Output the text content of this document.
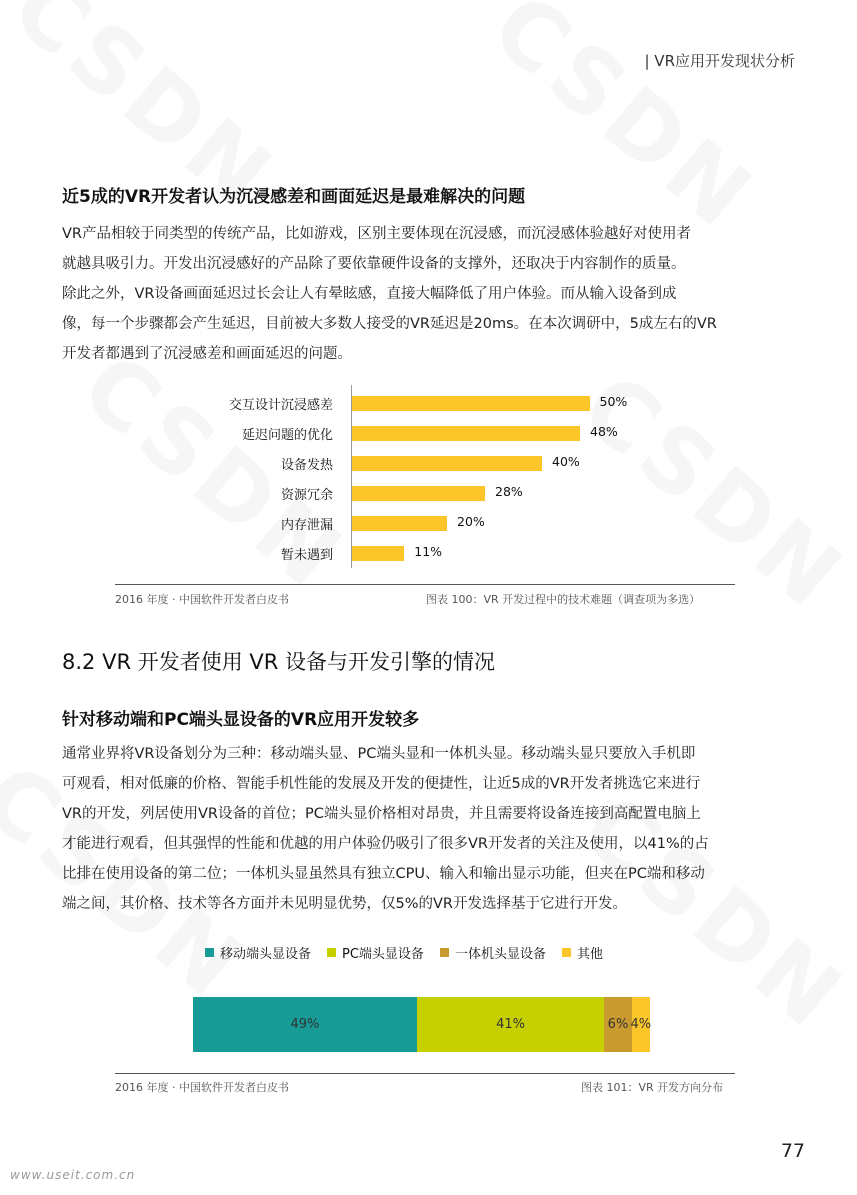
| VR应用开发现状分析
近5成的VR开发者认为沉浸感差和画面延迟是最难解决的问题
VR产品相较于同类型的传统产品，比如游戏，区别主要体现在沉浸感，而沉浸感体验越好对使用者
就越具吸引力。开发出沉浸感好的产品除了要依靠硬件设备的支撑外，还取决于内容制作的质量。
除此之外，VR设备画面延迟过长会让人有晕眩感，直接大幅降低了用户体验。而从输入设备到成
像，每一个步骤都会产生延迟，目前被大多数人接受的VR延迟是20ms。在本次调研中，5成左右的VR
开发者都遇到了沉浸感差和画面延迟的问题。
交互设计沉浸感差	50%
延迟问题的优化	48%
设备发热	40%
资源冗余	28%
内存泄漏	20%
暂未遇到	11%
2016 年度 · 中国软件开发者白皮书	图表 100：VR 开发过程中的技术难题（调查项为多选）
8.2 VR 开发者使用 VR 设备与开发引擎的情况
针对移动端和PC端头显设备的VR应用开发较多
通常业界将VR设备划分为三种：移动端头显、PC端头显和一体机头显。移动端头显只要放入手机即
可观看，相对低廉的价格、智能手机性能的发展及开发的便捷性，让近5成的VR开发者挑选它来进行
VR的开发，列居使用VR设备的首位；PC端头显价格相对昂贵，并且需要将设备连接到高配置电脑上
才能进行观看，但其强悍的性能和优越的用户体验仍吸引了很多VR开发者的关注及使用，以41%的占
比排在使用设备的第二位；一体机头显虽然具有独立CPU、输入和输出显示功能，但夹在PC端和移动
端之间，其价格、技术等各方面并未见明显优势，仅5%的VR开发选择基于它进行开发。
移动端头显设备 PC端头显设备 一体机头显设备 其他
49%	41%	6% 4%
2016 年度 · 中国软件开发者白皮书	图表 101：VR 开发方向分布
77
www.useit.com.cn
